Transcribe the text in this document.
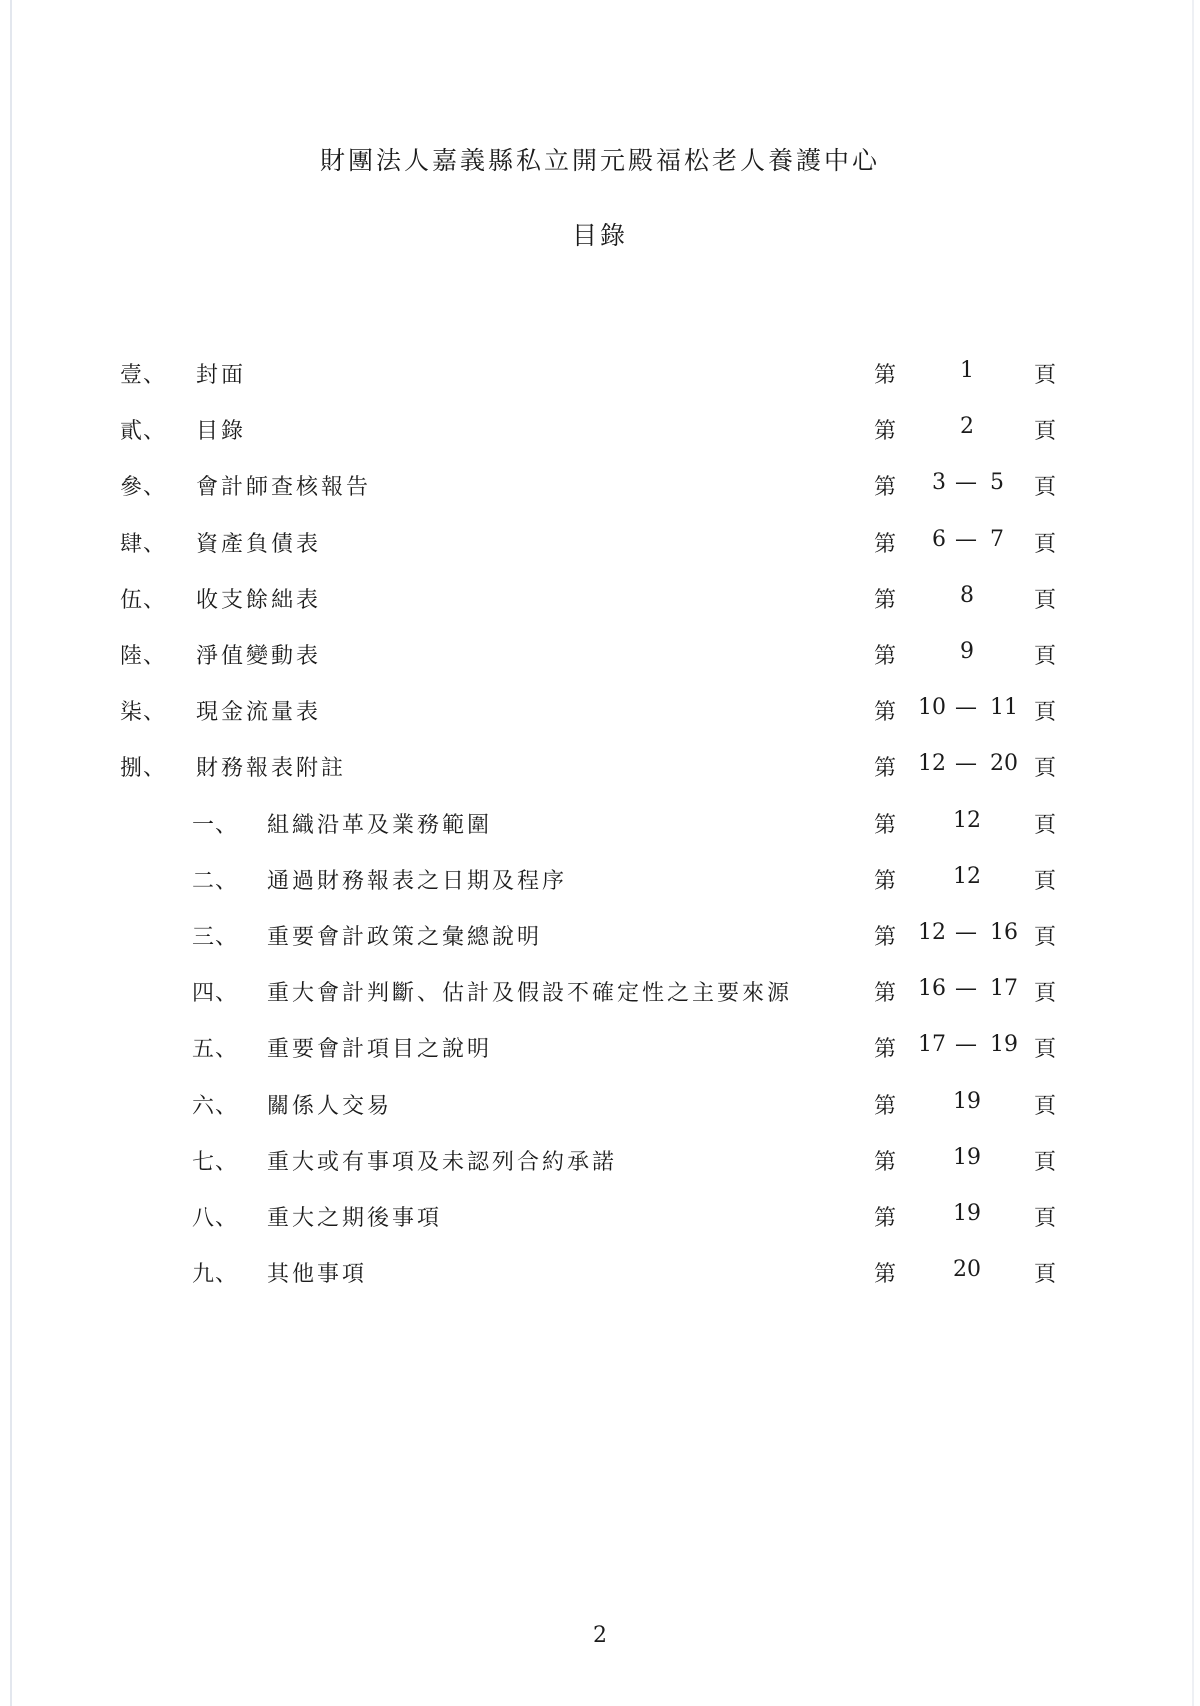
財團法人嘉義縣私立開元殿福松老人養護中心
目錄
壹、 封面	第	1	頁
貳、 目錄	第	2	頁
參、 會計師查核報告	第 3 — 5 頁
肆、 資產負債表	第 6 — 7 頁
伍、 收支餘絀表	第	8	頁
陸、 淨值變動表	第	9	頁
柒、 現金流量表	第 10 — 11 頁
捌、 財務報表附註	第 12 — 20 頁
一、 組織沿革及業務範圍	第	12	頁
二、 通過財務報表之日期及程序	第	12	頁
三、 重要會計政策之彙總說明	第 12 — 16 頁
四、 重大會計判斷、估計及假設不確定性之主要來源	第 16 — 17 頁
五、 重要會計項目之說明	第 17 — 19 頁
六、 關係人交易	第	19	頁
七、 重大或有事項及未認列合約承諾	第	19	頁
八、 重大之期後事項	第	19	頁
九、 其他事項	第	20	頁
2
